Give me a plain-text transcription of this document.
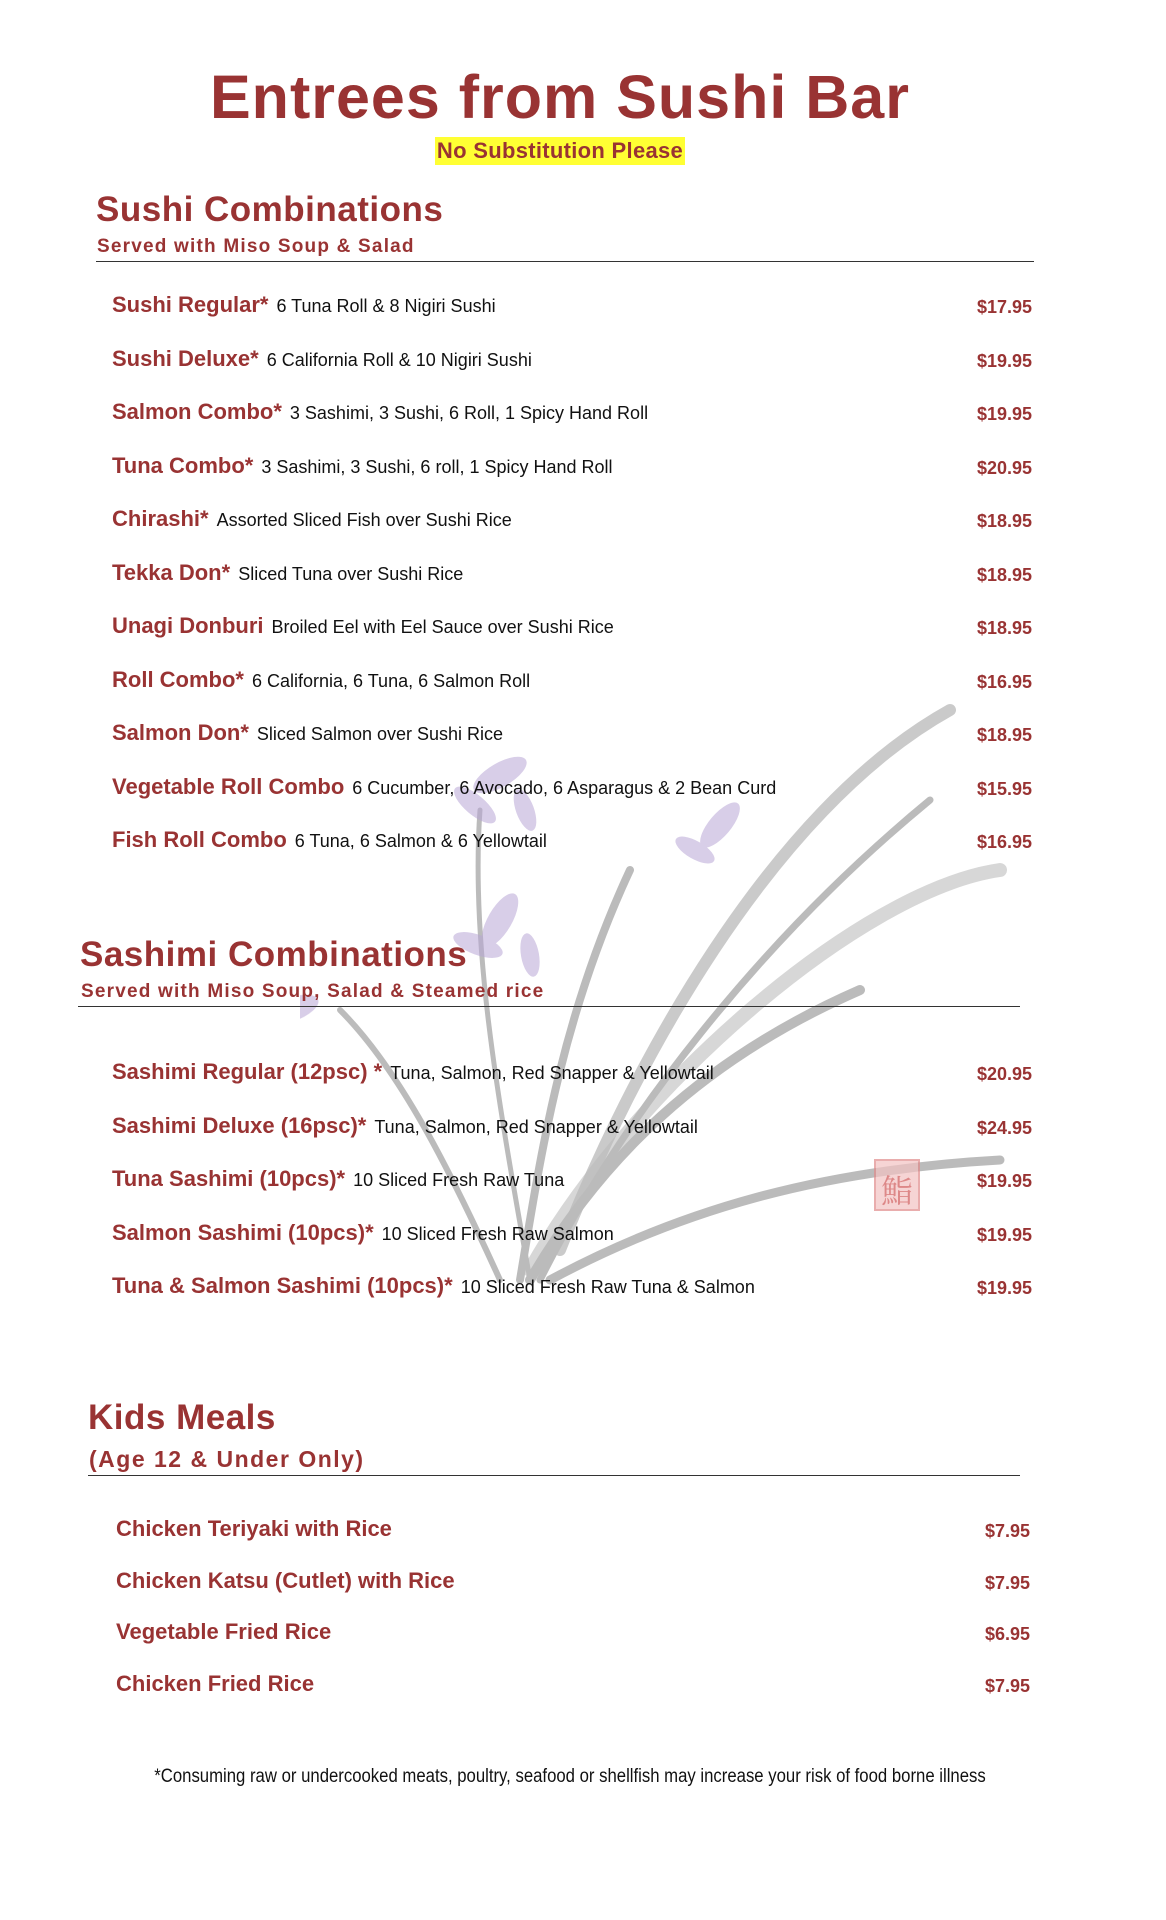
鮨
Entrees from Sushi Bar
No Substitution Please
Sushi Combinations

Served with Miso Soup & Salad

Sushi Regular* 6 Tuna Roll & 8 Nigiri Sushi	$17.95
Sushi Deluxe* 6 California Roll & 10 Nigiri Sushi	$19.95
Salmon Combo* 3 Sashimi, 3 Sushi, 6 Roll, 1 Spicy Hand Roll	$19.95
Tuna Combo* 3 Sashimi, 3 Sushi, 6 roll, 1 Spicy Hand Roll	$20.95
Chirashi* Assorted Sliced Fish over Sushi Rice	$18.95
Tekka Don* Sliced Tuna over Sushi Rice	$18.95
Unagi Donburi Broiled Eel with Eel Sauce over Sushi Rice	$18.95
Roll Combo* 6 California, 6 Tuna, 6 Salmon Roll	$16.95
Salmon Don* Sliced Salmon over Sushi Rice	$18.95
Vegetable Roll Combo 6 Cucumber, 6 Avocado, 6 Asparagus & 2 Bean Curd	$15.95
Fish Roll Combo 6 Tuna, 6 Salmon & 6 Yellowtail	$16.95
Sashimi Combinations

Served with Miso Soup, Salad & Steamed rice

Sashimi Regular (12psc) * Tuna, Salmon, Red Snapper & Yellowtail	$20.95
Sashimi Deluxe (16psc)* Tuna, Salmon, Red Snapper & Yellowtail	$24.95
Tuna Sashimi (10pcs)* 10 Sliced Fresh Raw Tuna	$19.95
Salmon Sashimi (10pcs)* 10 Sliced Fresh Raw Salmon	$19.95
Tuna & Salmon Sashimi (10pcs)* 10 Sliced Fresh Raw Tuna & Salmon	$19.95
Kids Meals

(Age 12 & Under Only)

Chicken Teriyaki with Rice	$7.95
Chicken Katsu (Cutlet) with Rice	$7.95
Vegetable Fried Rice	$6.95
Chicken Fried Rice	$7.95
*Consuming raw or undercooked meats, poultry, seafood or shellfish may increase your risk of food borne illness
